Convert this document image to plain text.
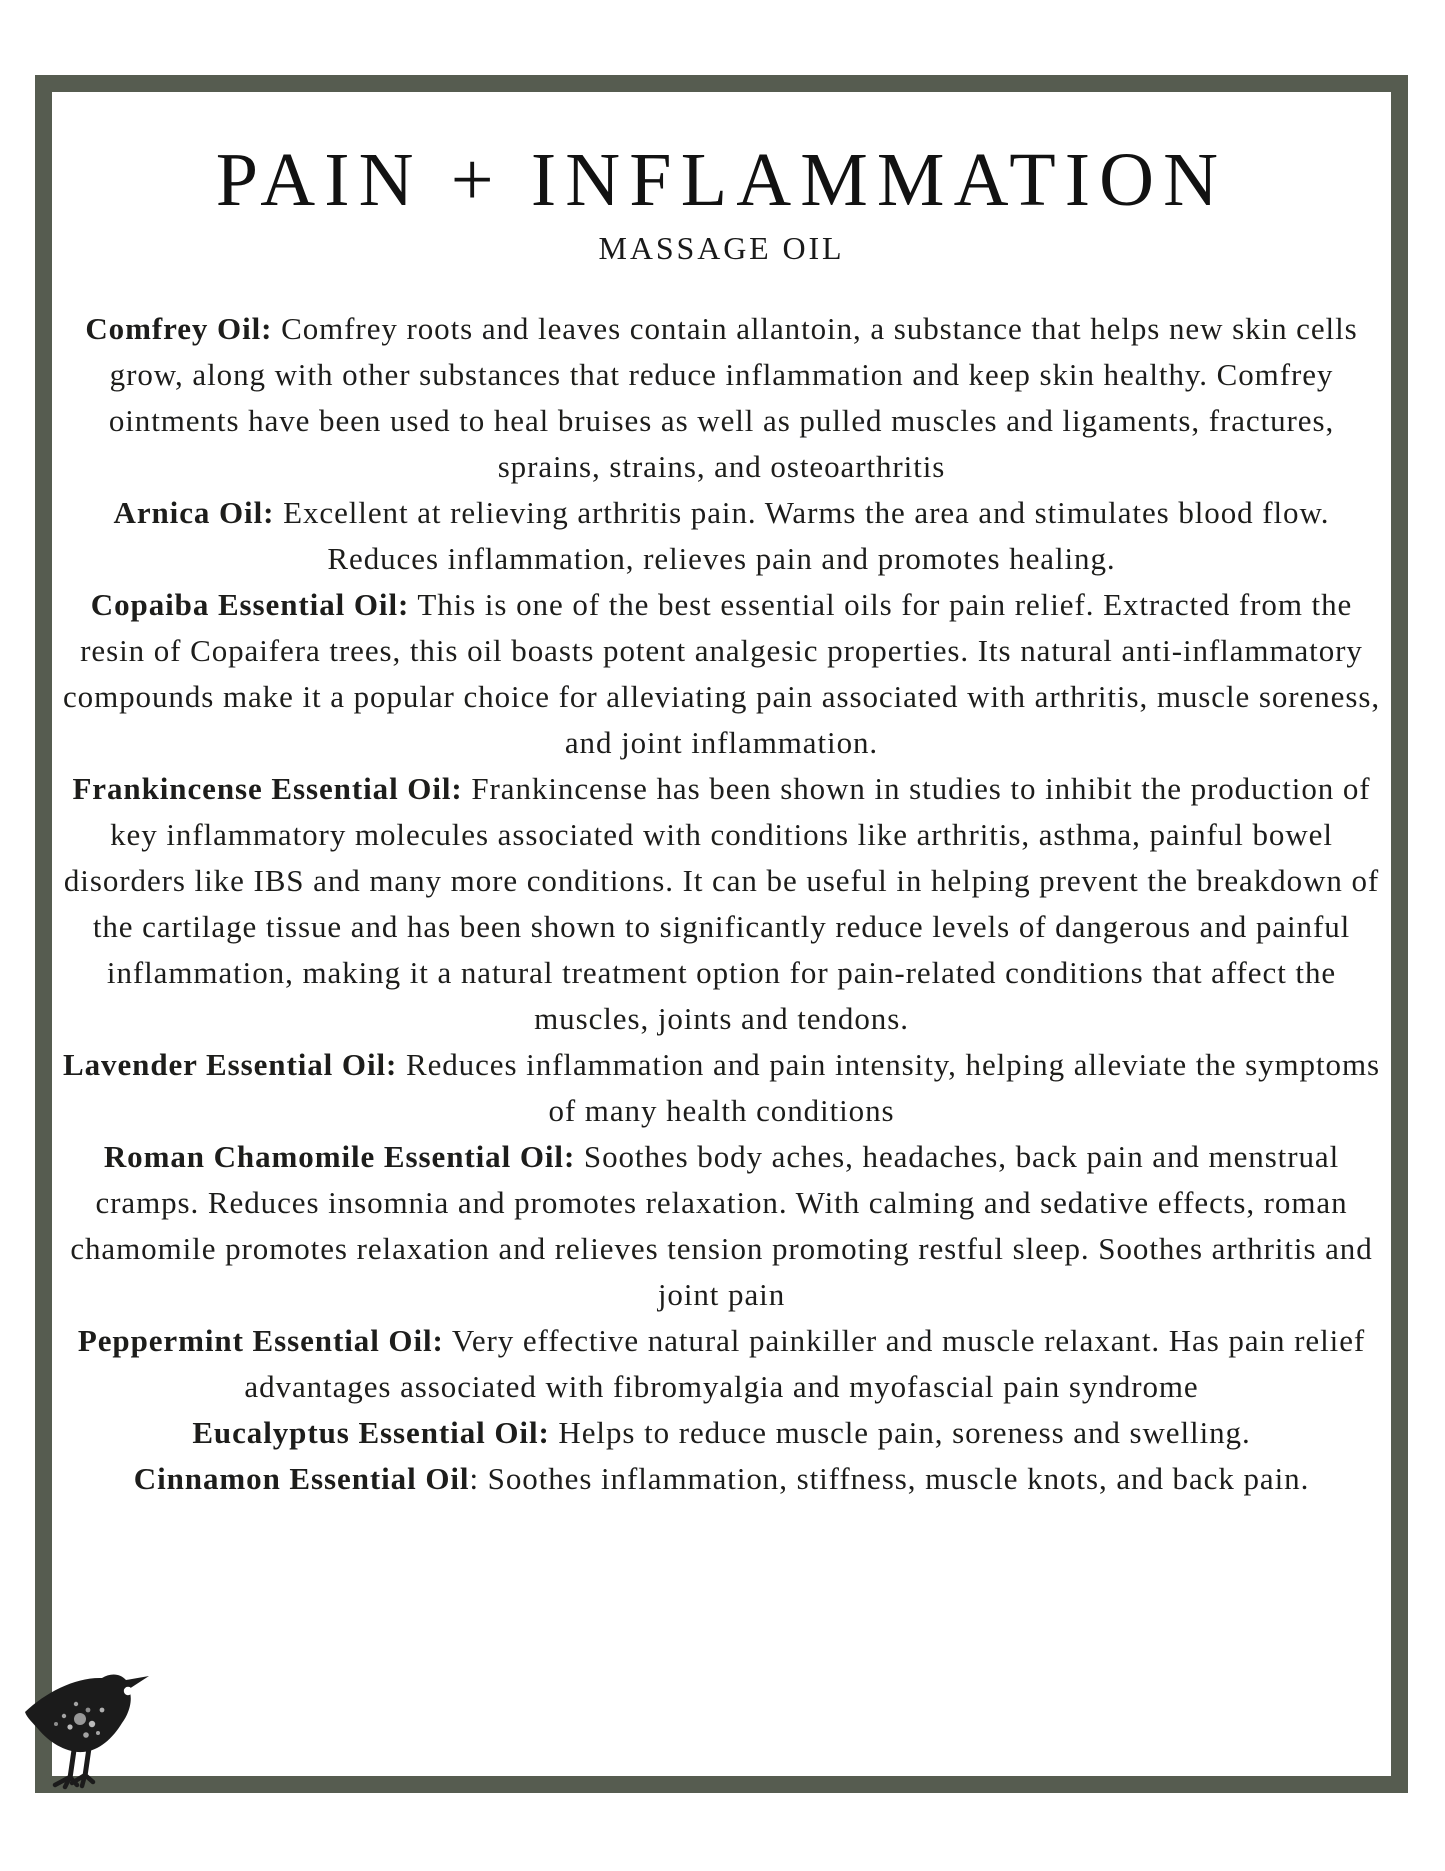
PAIN + INFLAMMATION
MASSAGE OIL

Comfrey Oil: Comfrey roots and leaves contain allantoin, a substance that helps new skin cells grow, along with other substances that reduce inflammation and keep skin healthy. Comfrey ointments have been used to heal bruises as well as pulled muscles and ligaments, fractures, sprains, strains, and osteoarthritis

Arnica Oil: Excellent at relieving arthritis pain. Warms the area and stimulates blood flow. Reduces inflammation, relieves pain and promotes healing.

Copaiba Essential Oil: This is one of the best essential oils for pain relief. Extracted from the resin of Copaifera trees, this oil boasts potent analgesic properties. Its natural anti-inflammatory compounds make it a popular choice for alleviating pain associated with arthritis, muscle soreness, and joint inflammation.

Frankincense Essential Oil: Frankincense has been shown in studies to inhibit the production of key inflammatory molecules associated with conditions like arthritis, asthma, painful bowel disorders like IBS and many more conditions. It can be useful in helping prevent the breakdown of the cartilage tissue and has been shown to significantly reduce levels of dangerous and painful inflammation, making it a natural treatment option for pain-related conditions that affect the muscles, joints and tendons.

Lavender Essential Oil: Reduces inflammation and pain intensity, helping alleviate the symptoms of many health conditions

Roman Chamomile Essential Oil: Soothes body aches, headaches, back pain and menstrual cramps. Reduces insomnia and promotes relaxation. With calming and sedative effects, roman chamomile promotes relaxation and relieves tension promoting restful sleep. Soothes arthritis and joint pain

Peppermint Essential Oil: Very effective natural painkiller and muscle relaxant. Has pain relief advantages associated with fibromyalgia and myofascial pain syndrome

Eucalyptus Essential Oil: Helps to reduce muscle pain, soreness and swelling.

Cinnamon Essential Oil: Soothes inflammation, stiffness, muscle knots, and back pain.
